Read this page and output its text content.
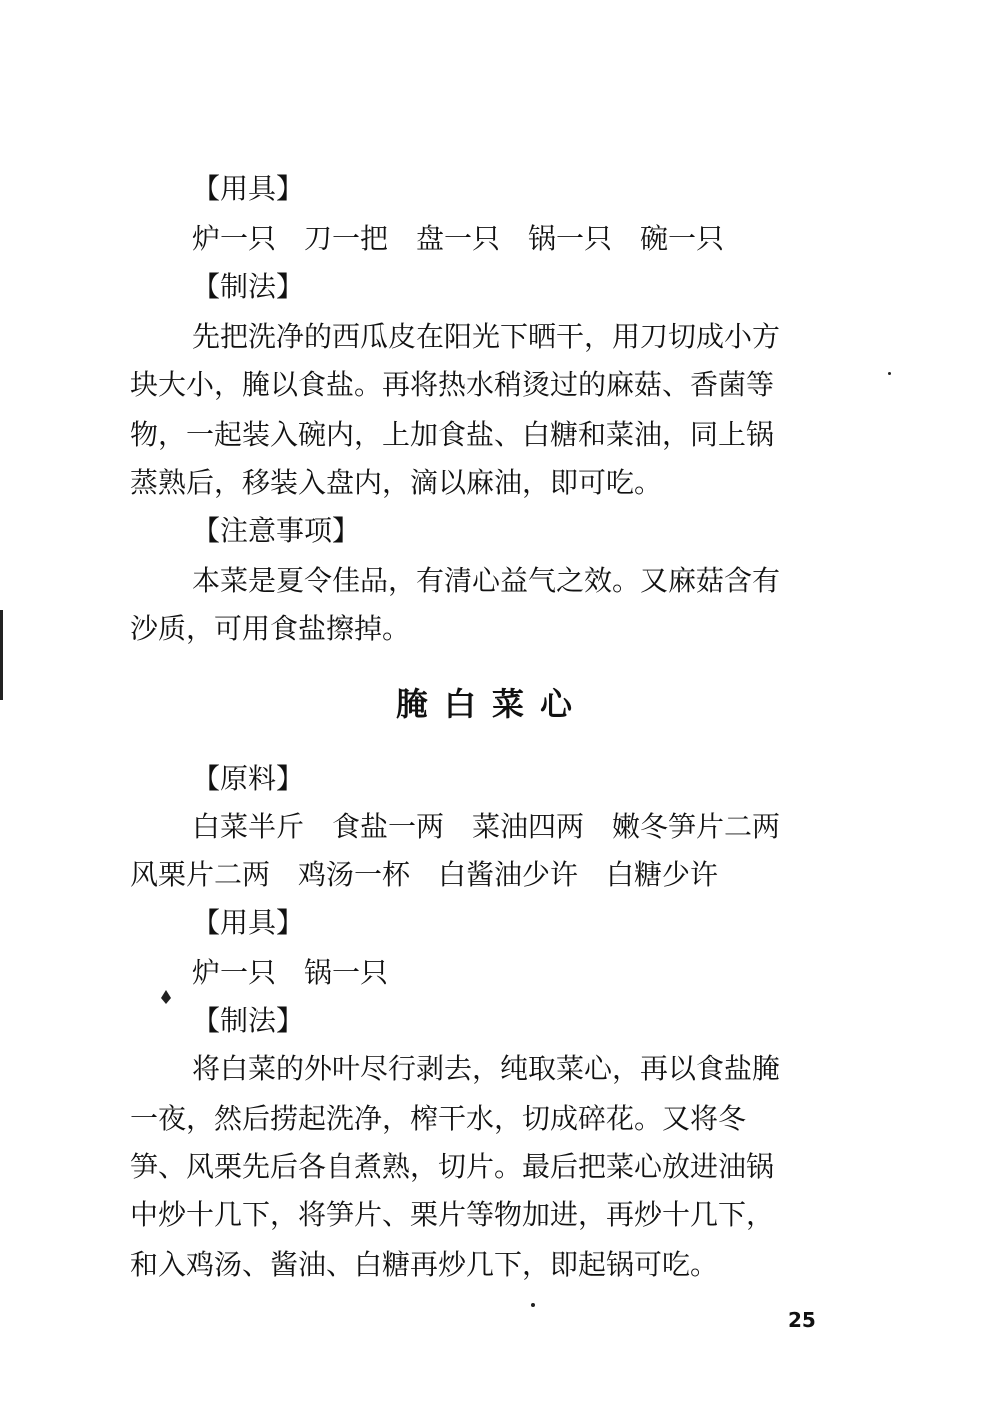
【用具】
炉一只　刀一把　盘一只　锅一只　碗一只
【制法】
先把洗净的西瓜皮在阳光下晒干，用刀切成小方
块大小，腌以食盐。再将热水稍烫过的麻菇、香菌等
物，一起装入碗内，上加食盐、白糖和菜油，同上锅
蒸熟后，移装入盘内，滴以麻油，即可吃。
【注意事项】
本菜是夏令佳品，有清心益气之效。又麻菇含有
沙质，可用食盐擦掉。
腌白菜心
【原料】
白菜半斤　食盐一两　菜油四两　嫩冬笋片二两
风栗片二两　鸡汤一杯　白酱油少许　白糖少许
【用具】
炉一只　锅一只
【制法】
将白菜的外叶尽行剥去，纯取菜心，再以食盐腌
一夜，然后捞起洗净，榨干水，切成碎花。又将冬
笋、风栗先后各自煮熟，切片。最后把菜心放进油锅
中炒十几下，将笋片、栗片等物加进，再炒十几下，
和入鸡汤、酱油、白糖再炒几下，即起锅可吃。
25
